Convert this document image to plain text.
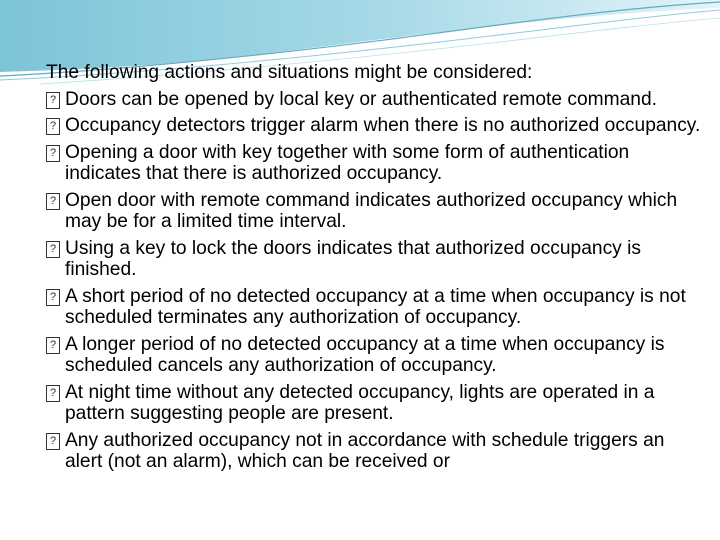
The following actions and situations might be considered:
? Doors can be opened by local key or authenticated remote command.
? Occupancy detectors trigger alarm when there is no authorized occupancy.
? Opening a door with key together with some form of authentication indicates that there is authorized occupancy.
? Open door with remote command indicates authorized occupancy which may be for a limited time interval.
? Using a key to lock the doors indicates that authorized occupancy is finished.
? A short period of no detected occupancy at a time when occupancy is not scheduled terminates any authorization of occupancy.
? A longer period of no detected occupancy at a time when occupancy is scheduled cancels any authorization of occupancy.
? At night time without any detected occupancy, lights are operated in a pattern suggesting people are present.
? Any authorized occupancy not in accordance with schedule triggers an alert (not an alarm), which can be received or
